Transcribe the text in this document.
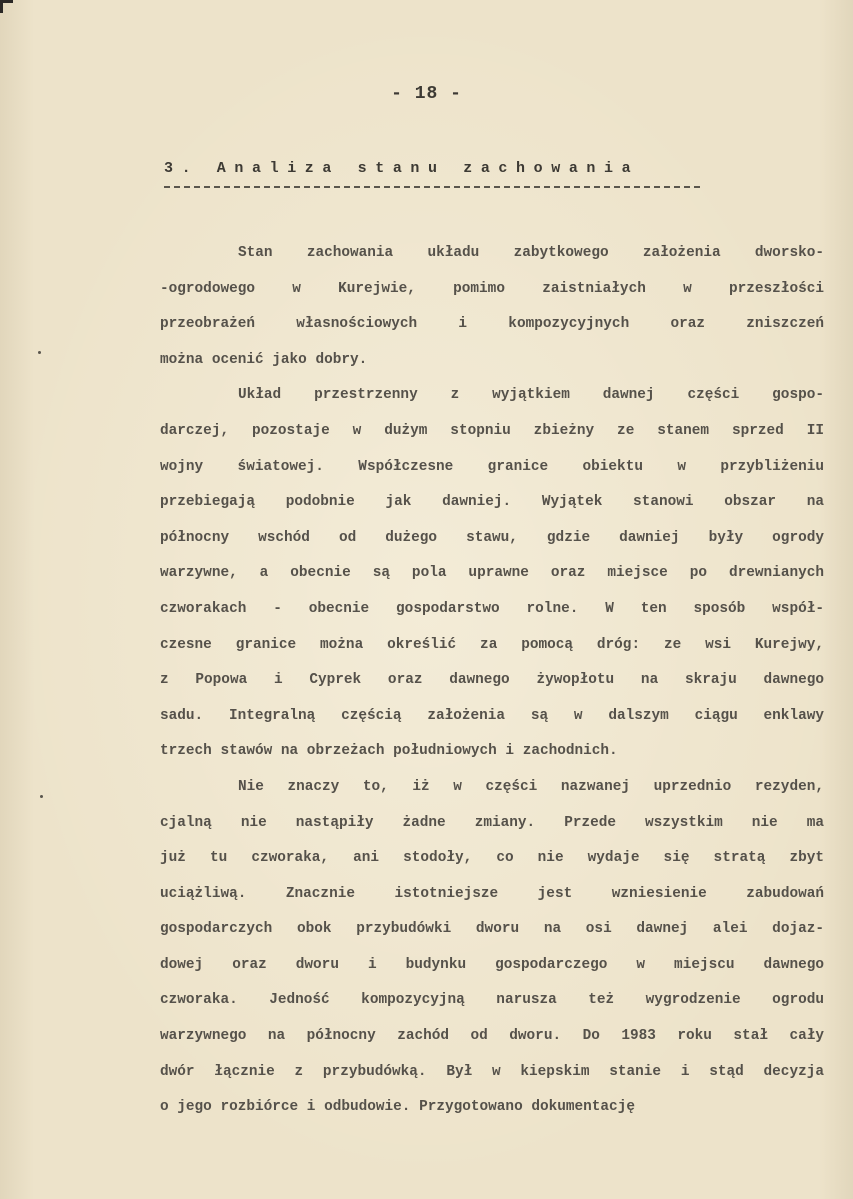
- 18 -
3. Analiza stanu zachowania
Stan zachowania układu zabytkowego założenia dworsko-
-ogrodowego w Kurejwie, pomimo zaistniałych w przeszłości
przeobrażeń własnościowych i kompozycyjnych oraz zniszczeń
można ocenić jako dobry.
Układ przestrzenny z wyjątkiem dawnej części gospo-
darczej, pozostaje w dużym stopniu zbieżny ze stanem sprzed II
wojny światowej. Współczesne granice obiektu w przybliżeniu
przebiegają podobnie jak dawniej. Wyjątek stanowi obszar na
północny wschód od dużego stawu, gdzie dawniej były ogrody
warzywne, a obecnie są pola uprawne oraz miejsce po drewnianych
czworakach - obecnie gospodarstwo rolne. W ten sposób współ-
czesne granice można określić za pomocą dróg: ze wsi Kurejwy,
z Popowa i Cyprek oraz dawnego żywopłotu na skraju dawnego
sadu. Integralną częścią założenia są w dalszym ciągu enklawy
trzech stawów na obrzeżach południowych i zachodnich.
Nie znaczy to, iż w części nazwanej uprzednio rezyden,
cjalną nie nastąpiły żadne zmiany. Przede wszystkim nie ma
już tu czworaka, ani stodoły, co nie wydaje się stratą zbyt
uciążliwą. Znacznie istotniejsze jest wzniesienie zabudowań
gospodarczych obok przybudówki dworu na osi dawnej alei dojaz-
dowej oraz dworu i budynku gospodarczego w miejscu dawnego
czworaka. Jedność kompozycyjną narusza też wygrodzenie ogrodu
warzywnego na północny zachód od dworu. Do 1983 roku stał cały
dwór łącznie z przybudówką. Był w kiepskim stanie i stąd decyzja
o jego rozbiórce i odbudowie. Przygotowano dokumentację
